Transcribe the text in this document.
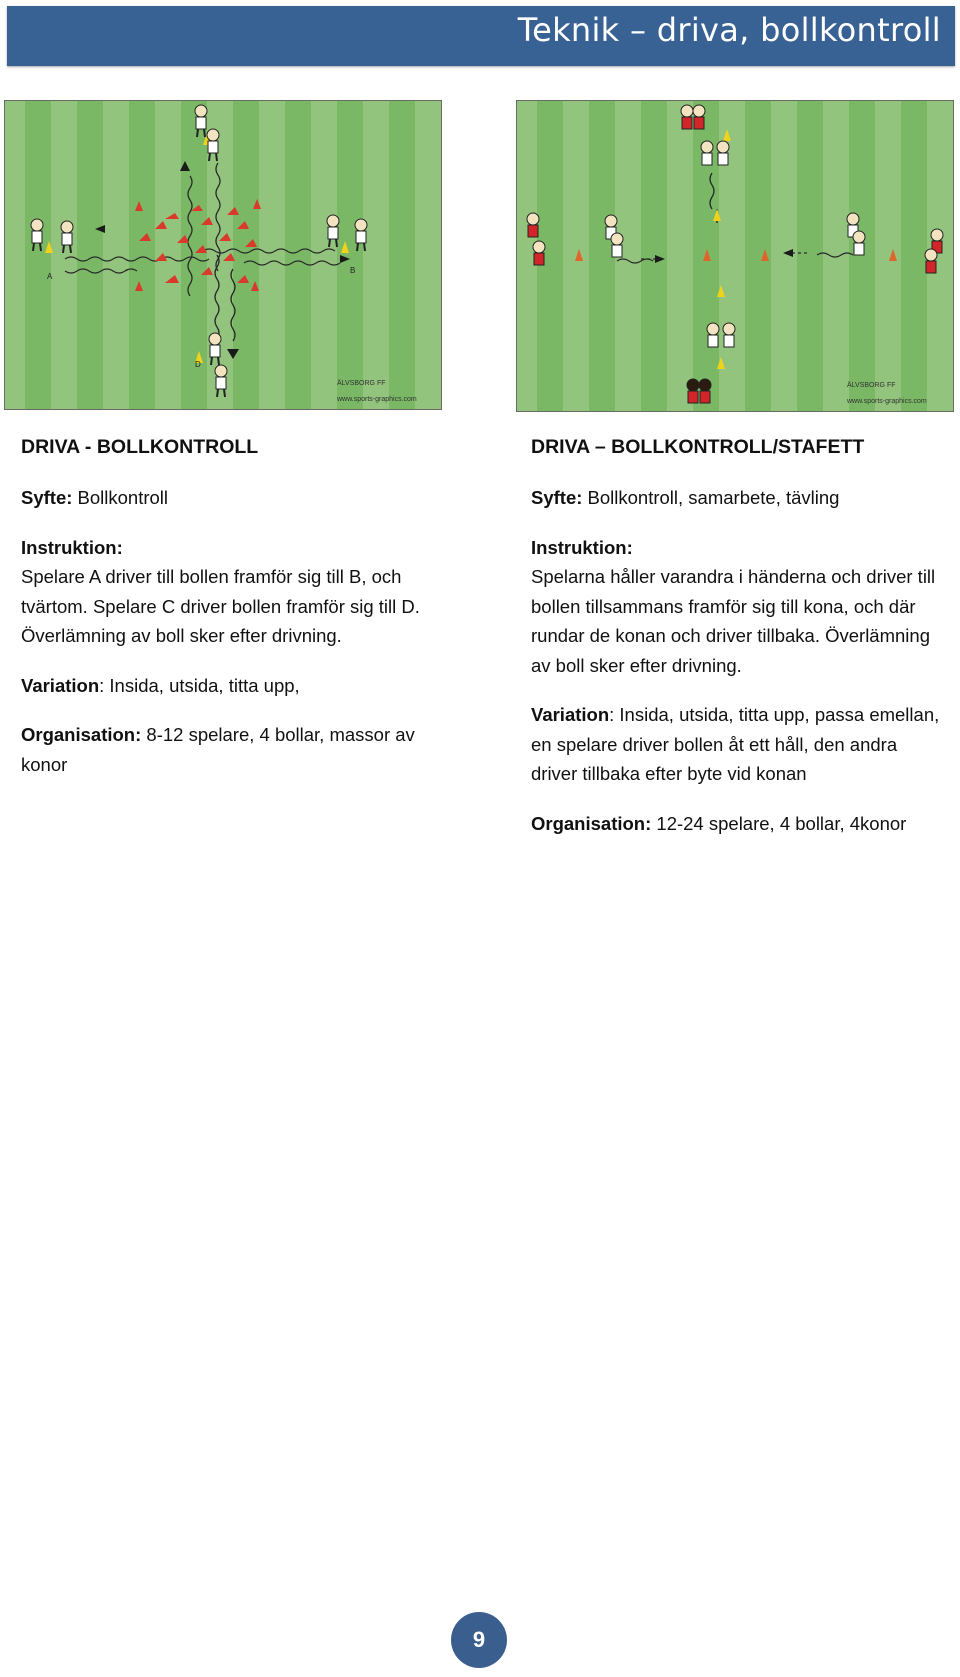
Teknik – driva, bollkontroll
A
B
D
ÄLVSBORG FF
www.sports-graphics.com
ÄLVSBORG FF
www.sports-graphics.com
DRIVA - BOLLKONTROLL

Syfte: Bollkontroll

Instruktion:

Spelare A driver till bollen framför sig till B, och tvärtom. Spelare C driver bollen framför sig till D. Överlämning av boll sker efter drivning.

Variation: Insida, utsida, titta upp,

Organisation: 8-12 spelare, 4 bollar, massor av konor

DRIVA – BOLLKONTROLL/STAFETT

Syfte: Bollkontroll, samarbete, tävling

Instruktion:

Spelarna håller varandra i händerna och driver till bollen tillsammans framför sig till kona, och där rundar de konan och driver tillbaka. Överlämning av boll sker efter drivning.

Variation: Insida, utsida, titta upp, passa emellan, en spelare driver bollen åt ett håll, den andra driver tillbaka efter byte vid konan

Organisation: 12-24 spelare, 4 bollar, 4konor

9
